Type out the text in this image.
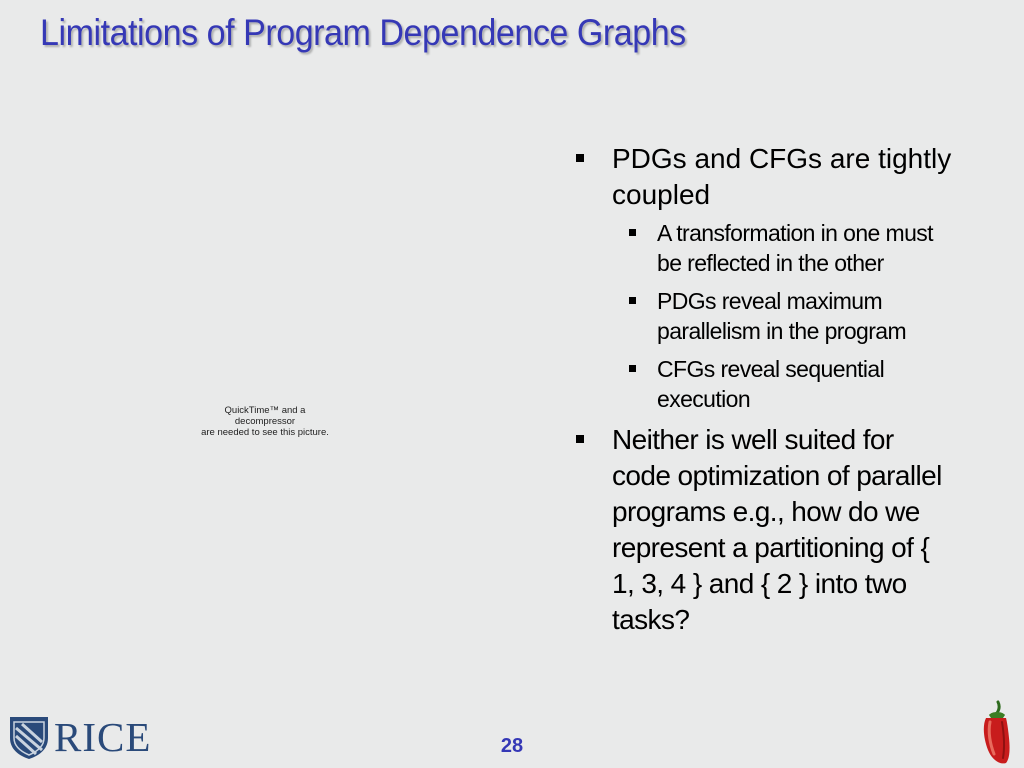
Limitations of Program Dependence Graphs
QuickTime™ and a
decompressor
are needed to see this picture.
PDGs and CFGs are tightly coupled
A transformation in one must be reflected in the other
PDGs reveal maximum parallelism in the program
CFGs reveal sequential execution
Neither is well suited for code optimization of parallel programs e.g., how do we represent a partitioning of { 1, 3, 4 } and { 2 } into two tasks?
RICE	28
